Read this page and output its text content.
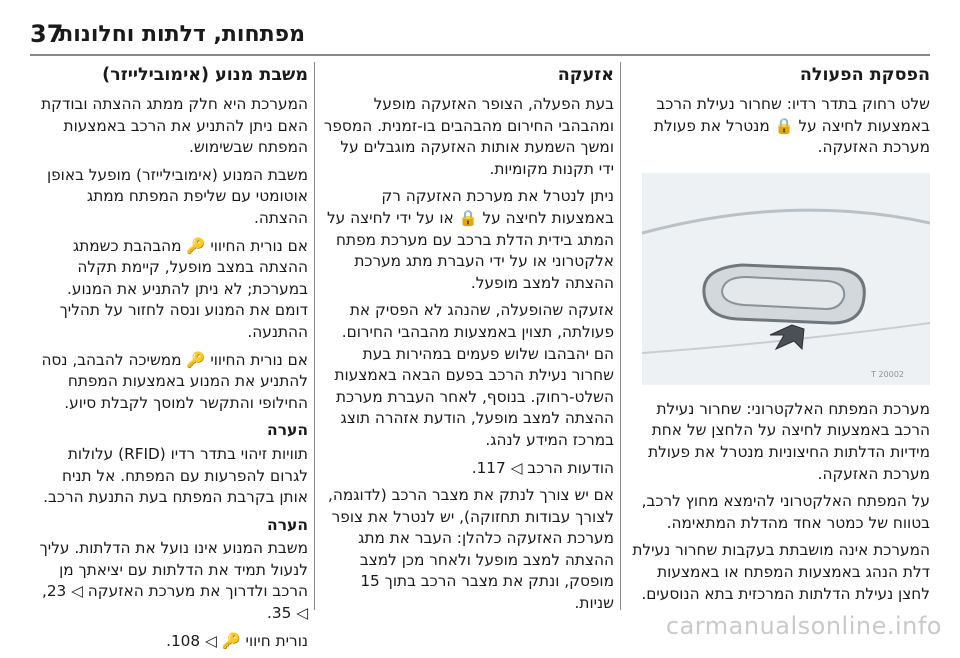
מפתחות, דלתות וחלונות
37
הפסקת הפעולה

שלט רחוק בתדר רדיו: שחרור נעילת הרכב באמצעות לחיצה על 🔒 מנטרל את פעולת מערכת האזעקה.

20002 T

מערכת המפתח האלקטרוני: שחרור נעילת הרכב באמצעות לחיצה על הלחצן של אחת מידיות הדלתות החיצוניות מנטרל את פעולת מערכת האזעקה.

על המפתח האלקטרוני להימצא מחוץ לרכב, בטווח של כמטר אחד מהדלת המתאימה.

המערכת אינה מושבתת בעקבות שחרור נעילת דלת הנהג באמצעות המפתח או באמצעות לחצן נעילת הדלתות המרכזית בתא הנוסעים.

אזעקה

בעת הפעלה, הצופר האזעקה מופעל ומהבהבי החירום מהבהבים בו-זמנית. המספר ומשך השמעת אותות האזעקה מוגבלים על ידי תקנות מקומיות.

ניתן לנטרל את מערכת האזעקה רק באמצעות לחיצה על 🔒 או על ידי לחיצה על המתג בידית הדלת ברכב עם מערכת מפתח אלקטרוני או על ידי העברת מתג מערכת ההצתה למצב מופעל.

אזעקה שהופעלה, שהנהג לא הפסיק את פעולתה, תצוין באמצעות מהבהבי החירום. הם יהבהבו שלוש פעמים במהירות בעת שחרור נעילת הרכב בפעם הבאה באמצעות השלט-רחוק. בנוסף, לאחר העברת מערכת ההצתה למצב מופעל, הודעת אזהרה תוצג במרכז המידע לנהג.

הודעות הרכב ◁ 117.

אם יש צורך לנתק את מצבר הרכב (לדוגמה, לצורך עבודות תחזוקה), יש לנטרל את צופר מערכת האזעקה כלהלן: העבר את מתג ההצתה למצב מופעל ולאחר מכן למצב מופסק, ונתק את מצבר הרכב בתוך 15 שניות.

משבת מנוע (אימובילייזר)

המערכת היא חלק ממתג ההצתה ובודקת האם ניתן להתניע את הרכב באמצעות המפתח שבשימוש.

משבת המנוע (אימובילייזר) מופעל באופן אוטומטי עם שליפת המפתח ממתג ההצתה.

אם נורית החיווי 🔑 מהבהבת כשמתג ההצתה במצב מופעל, קיימת תקלה במערכת; לא ניתן להתניע את המנוע. דומם את המנוע ונסה לחזור על תהליך ההתנעה.

אם נורית החיווי 🔑 ממשיכה להבהב, נסה להתניע את המנוע באמצעות המפתח החילופי והתקשר למוסך לקבלת סיוע.

הערה

תוויות זיהוי בתדר רדיו (RFID) עלולות לגרום להפרעות עם המפתח. אל תניח אותן בקרבת המפתח בעת התנעת הרכב.

הערה

משבת המנוע אינו נועל את הדלתות. עליך לנעול תמיד את הדלתות עם יציאתך מן הרכב ולדרוך את מערכת האזעקה ◁ 23, ◁ 35.

נורית חיווי 🔑 ◁ 108.

carmanualsonline.info
